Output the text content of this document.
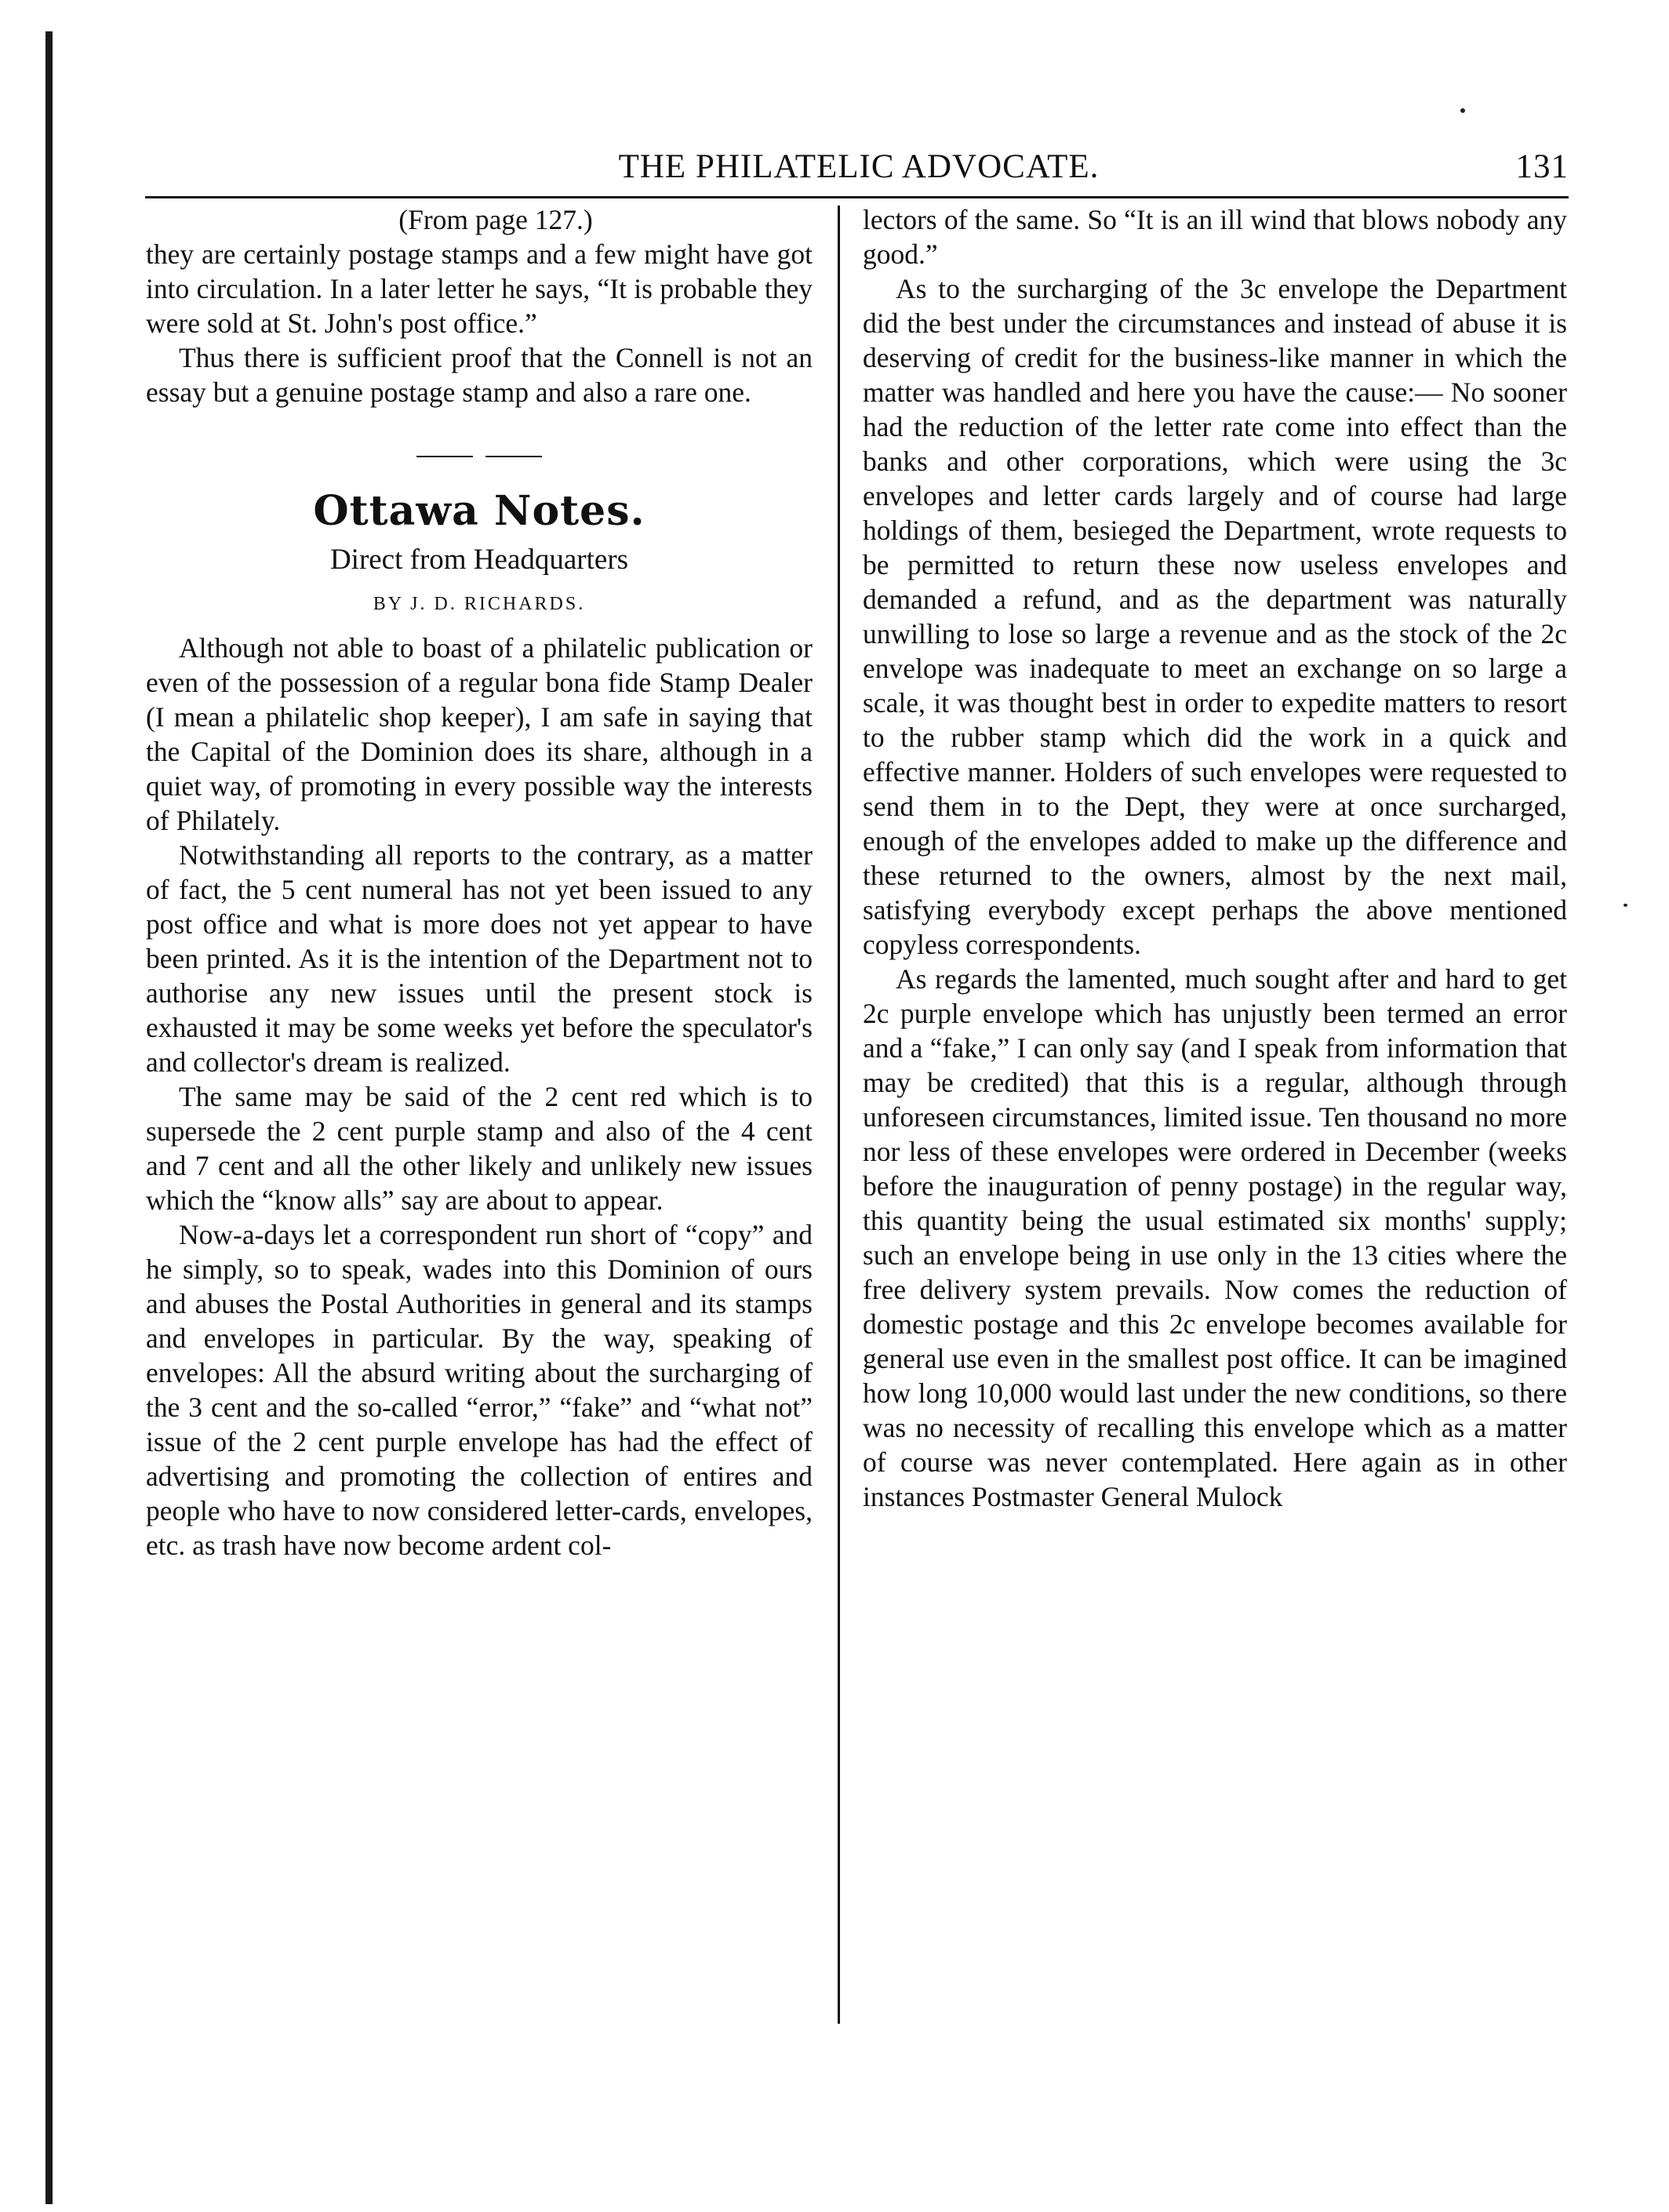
THE PHILATELIC ADVOCATE.	131

(From page 127.)

they are certainly postage stamps and a few might have got into circulation. In a later letter he says, “It is probable they were sold at St. John's post office.”

Thus there is sufficient proof that the Connell is not an essay but a genuine postage stamp and also a rare one.

Ottawa Notes.
Direct from Headquarters
BY J. D. RICHARDS.

Although not able to boast of a philatelic publication or even of the possession of a regular bona fide Stamp Dealer (I mean a philatelic shop keeper), I am safe in saying that the Capital of the Dominion does its share, although in a quiet way, of promoting in every possible way the interests of Philately.

Notwithstanding all reports to the contrary, as a matter of fact, the 5 cent numeral has not yet been issued to any post office and what is more does not yet appear to have been printed. As it is the intention of the Department not to authorise any new issues until the present stock is exhausted it may be some weeks yet before the speculator's and collector's dream is realized.

The same may be said of the 2 cent red which is to supersede the 2 cent purple stamp and also of the 4 cent and 7 cent and all the other likely and unlikely new issues which the “know alls” say are about to appear.

Now-a-days let a correspondent run short of “copy” and he simply, so to speak, wades into this Dominion of ours and abuses the Postal Authorities in general and its stamps and envelopes in particular. By the way, speaking of envelopes: All the absurd writing about the surcharging of the 3 cent and the so-called “error,” “fake” and “what not” issue of the 2 cent purple envelope has had the effect of advertising and promoting the collection of entires and people who have to now considered letter-cards, envelopes, etc. as trash have now become ardent col-

lectors of the same. So “It is an ill wind that blows nobody any good.”

As to the surcharging of the 3c envelope the Department did the best under the circumstances and instead of abuse it is deserving of credit for the business-like manner in which the matter was handled and here you have the cause:— No sooner had the reduction of the letter rate come into effect than the banks and other corporations, which were using the 3c envelopes and letter cards largely and of course had large holdings of them, besieged the Department, wrote requests to be permitted to return these now useless envelopes and demanded a refund, and as the department was naturally unwilling to lose so large a revenue and as the stock of the 2c envelope was inadequate to meet an exchange on so large a scale, it was thought best in order to expedite matters to resort to the rubber stamp which did the work in a quick and effective manner. Holders of such envelopes were requested to send them in to the Dept, they were at once surcharged, enough of the envelopes added to make up the difference and these returned to the owners, almost by the next mail, satisfying everybody except perhaps the above mentioned copyless correspondents.

As regards the lamented, much sought after and hard to get 2c purple envelope which has unjustly been termed an error and a “fake,” I can only say (and I speak from information that may be credited) that this is a regular, although through unforeseen circumstances, limited issue. Ten thousand no more nor less of these envelopes were ordered in December (weeks before the inauguration of penny postage) in the regular way, this quantity being the usual estimated six months' supply; such an envelope being in use only in the 13 cities where the free delivery system prevails. Now comes the reduction of domestic postage and this 2c envelope becomes available for general use even in the smallest post office. It can be imagined how long 10,000 would last under the new conditions, so there was no necessity of recalling this envelope which as a matter of course was never contemplated. Here again as in other instances Postmaster General Mulock
